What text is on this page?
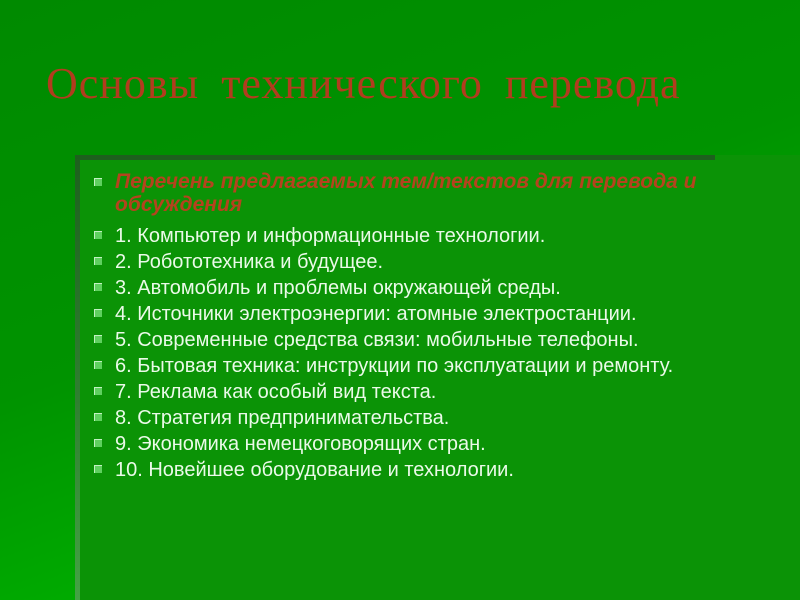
Основы технического перевода
Перечень предлагаемых тем/текстов для перевода и обсуждения
1. Компьютер и информационные технологии.
2. Робототехника и будущее.
3. Автомобиль и проблемы окружающей среды.
4. Источники электроэнергии: атомные электростанции.
5. Современные средства связи: мобильные телефоны.
6. Бытовая техника: инструкции по эксплуатации и ремонту.
7. Реклама как особый вид текста.
8. Стратегия предпринимательства.
9. Экономика немецкоговорящих стран.
10. Новейшее оборудование и технологии.
